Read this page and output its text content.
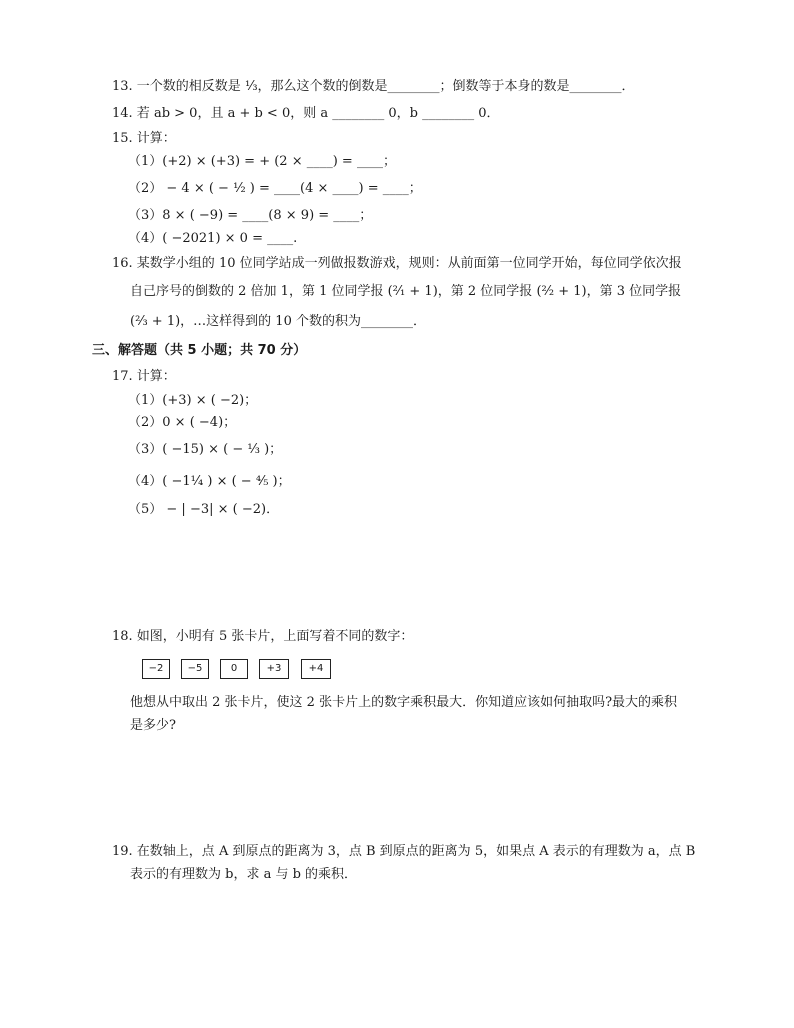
13. 一个数的相反数是 ¹⁄₃，那么这个数的倒数是________；倒数等于本身的数是________．
14. 若 ab > 0，且 a + b < 0，则 a ________ 0，b ________ 0．
15. 计算：
（1）(+2) × (+3) = + (2 × ____) = ____；
（2） − 4 × ( − ¹⁄₂ ) = ____(4 × ____) = ____；
（3）8 × ( −9) = ____(8 × 9) = ____；
（4）( −2021) × 0 = ____.
16. 某数学小组的 10 位同学站成一列做报数游戏，规则：从前面第一位同学开始，每位同学依次报
自己序号的倒数的 2 倍加 1，第 1 位同学报 (²⁄₁ + 1)，第 2 位同学报 (²⁄₂ + 1)，第 3 位同学报
(²⁄₃ + 1)，…这样得到的 10 个数的积为________．
三、解答题（共 5 小题；共 70 分）
17. 计算：
（1）(+3) × ( −2)；
（2）0 × ( −4)；
（3）( −15) × ( − ¹⁄₃ )；
（4）( −1¹⁄₄ ) × ( − ⁴⁄₅ )；
（5） − | −3| × ( −2)．
18. 如图，小明有 5 张卡片，上面写着不同的数字：
−2	−5	0	+3	+4
他想从中取出 2 张卡片，使这 2 张卡片上的数字乘积最大．你知道应该如何抽取吗?最大的乘积
是多少?
19. 在数轴上，点 A 到原点的距离为 3，点 B 到原点的距离为 5，如果点 A 表示的有理数为 a，点 B
表示的有理数为 b，求 a 与 b 的乘积．
